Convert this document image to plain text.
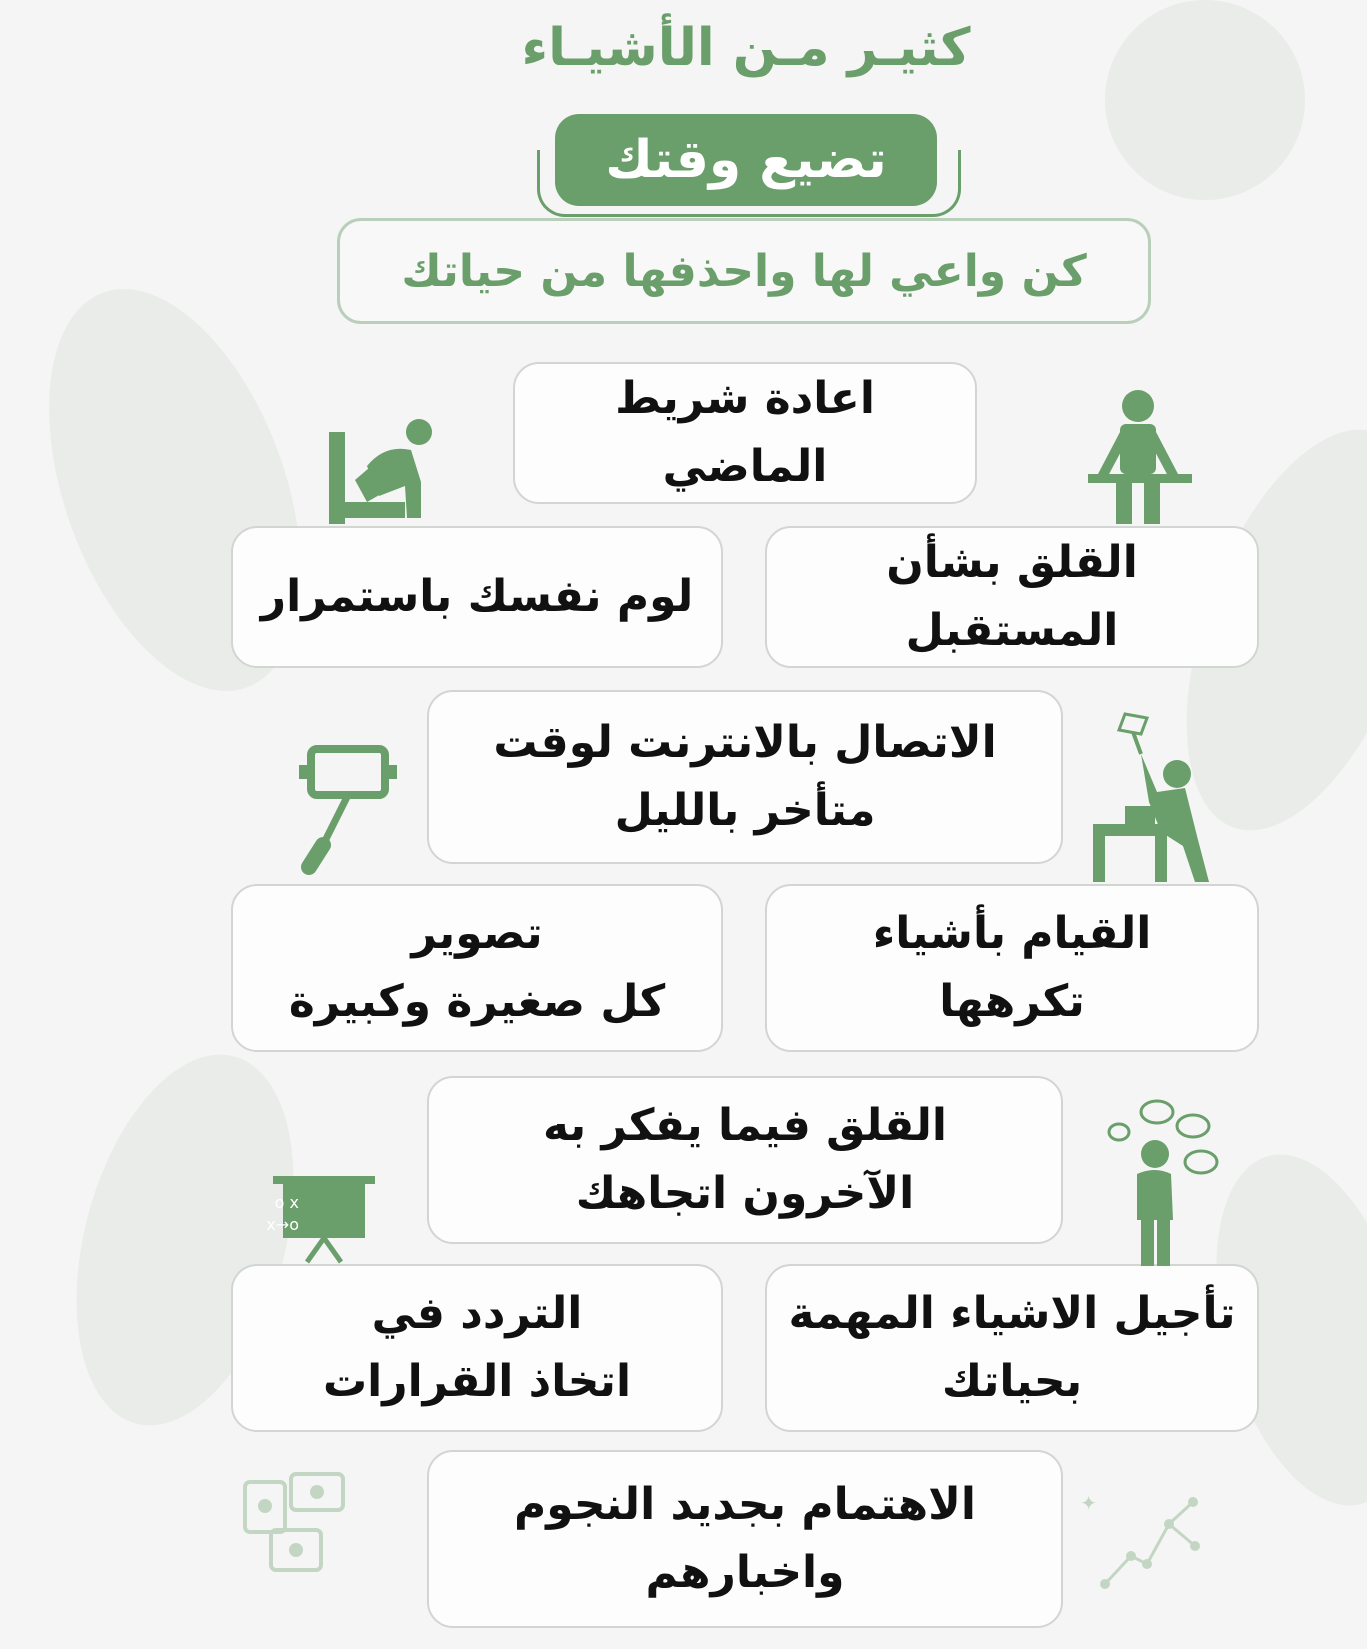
كثيـر مـن الأشيـاء
تضيع وقتك
كن واعي لها واحذفها من حياتك
اعادة شريط الماضي
القلق بشأن المستقبل
لوم نفسك باستمرار
الاتصال بالانترنت لوقت
متأخر بالليل
القيام بأشياء
تكرهها
تصوير
كل صغيرة وكبيرة
القلق فيما يفكر به
الآخرون اتجاهك
تأجيل الاشياء المهمة
بحياتك
التردد في
اتخاذ القرارات
الاهتمام بجديد النجوم
واخبارهم
o x
x→o
✦
